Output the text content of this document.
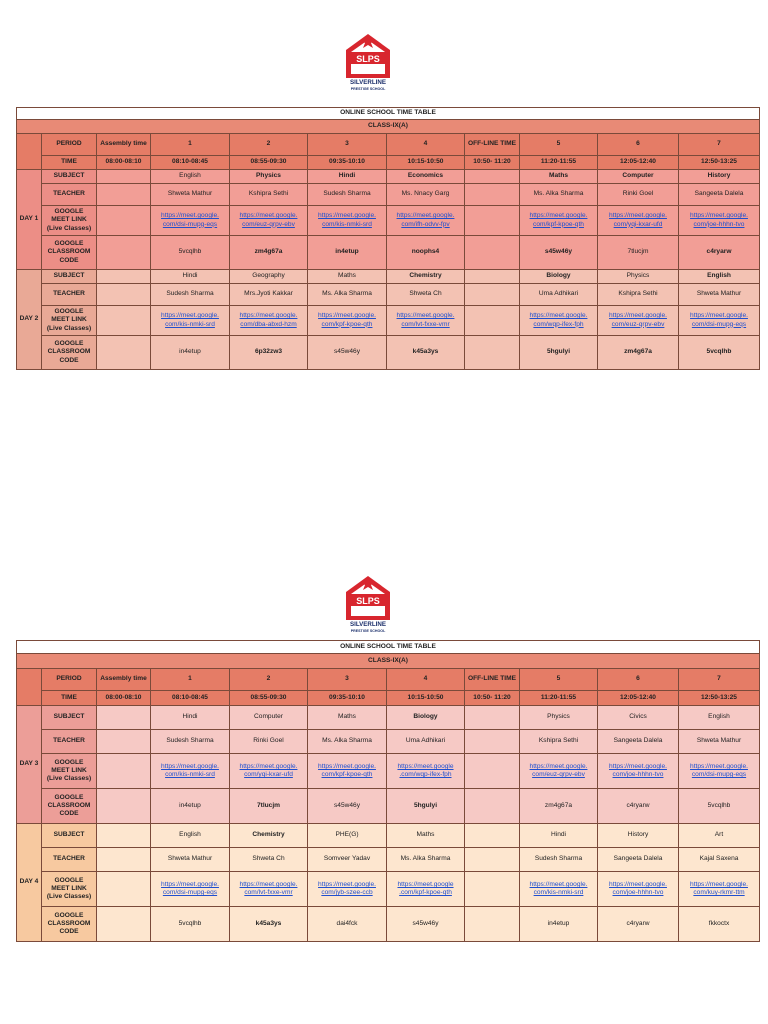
SLPS
SILVERLINE
PRESTIGE SCHOOL
ONLINE SCHOOL TIME TABLE										
CLASS-IX(A)										
	PERIOD	Assembly time	1	2	3	4	OFF-LINE TIME	5	6	7
	TIME	08:00-08:10	08:10-08:45	08:55-09:30	09:35-10:10	10:15-10:50	10:50- 11:20	11:20-11:55	12:05-12:40	12:50-13:25
DAY 1	SUBJECT		English	Physics	Hindi	Economics		Maths	Computer	History
	TEACHER		Shweta Mathur	Kshipra Sethi	Sudesh Sharma	Ms. Nnacy Garg		Ms. Alka Sharma	Rinki Goel	Sangeeta Dalela
	GOOGLE
MEET LINK
(Live Classes)		https://meet.google.
com/dsi-mupg-eqs	https://meet.google.
com/euz-qrpv-ebv	https://meet.google.
com/kis-nmki-srd	https://meet.google.
com/ifh-odvv-fpv		https://meet.google.
com/kpf-kpoe-qth	https://meet.google.
com/yqi-kxar-ufd	https://meet.google.
com/joe-hhhn-tvo
	GOOGLE
CLASSROOM
CODE		5vcqlhb	zm4g67a	in4etup	noophs4		s45w46y	7tlucjm	c4ryarw
DAY 2	SUBJECT		Hindi	Geography	Maths	Chemistry		Biology	Physics	English
	TEACHER		Sudesh Sharma	Mrs.Jyoti Kakkar	Ms. Alka Sharma	Shweta Ch		Uma Adhikari	Kshipra Sethi	Shweta Mathur
	GOOGLE
MEET LINK
(Live Classes)		https://meet.google.
com/kis-nmki-srd	https://meet.google.
com/dba-abxd-hzm	https://meet.google.
com/kpf-kpoe-qth	https://meet.google.
com/lvt-fxxe-vmr		https://meet.google.
com/wqp-ifex-fph	https://meet.google.
com/euz-qrpv-ebv	https://meet.google.
com/dsi-mupg-eqs
	GOOGLE
CLASSROOM
CODE		in4etup	6p32zw3	s45w46y	k45a3ys		5hgulyi	zm4g67a	5vcqlhb
SLPS
SILVERLINE
PRESTIGE SCHOOL
ONLINE SCHOOL TIME TABLE										
CLASS-IX(A)										
	PERIOD	Assembly time	1	2	3	4	OFF-LINE TIME	5	6	7
	TIME	08:00-08:10	08:10-08:45	08:55-09:30	09:35-10:10	10:15-10:50	10:50- 11:20	11:20-11:55	12:05-12:40	12:50-13:25
DAY 3	SUBJECT		Hindi	Computer	Maths	Biology		Physics	Civics	English
	TEACHER		Sudesh Sharma	Rinki Goel	Ms. Alka Sharma	Uma Adhikari		Kshipra Sethi	Sangeeta Dalela	Shweta Mathur
	GOOGLE
MEET LINK
(Live Classes)		https://meet.google.
com/kis-nmki-srd	https://meet.google.
com/yqi-kxar-ufd	https://meet.google.
com/kpf-kpoe-qth	https://meet.google
.com/wqp-ifex-fph		https://meet.google.
com/euz-qrpv-ebv	https://meet.google.
com/joe-hhhn-tvo	https://meet.google.
com/dsi-mupg-eqs
	GOOGLE
CLASSROOM
CODE		in4etup	7tlucjm	s45w46y	5hgulyi		zm4g67a	c4ryarw	5vcqlhb
DAY 4	SUBJECT		English	Chemistry	PHE(G)	Maths		Hindi	History	Art
	TEACHER		Shweta Mathur	Shweta Ch	Somveer Yadav	Ms. Alka Sharma		Sudesh Sharma	Sangeeta Dalela	Kajal Saxena
	GOOGLE
MEET LINK
(Live Classes)		https://meet.google.
com/dsi-mupg-eqs	https://meet.google.
com/lvt-fxxe-vmr	https://meet.google.
com/jyb-szee-ccb	https://meet.google
.com/kpf-kpoe-qth		https://meet.google.
com/kis-nmki-srd	https://meet.google.
com/joe-hhhn-tvo	https://meet.google.
com/kuy-rkmr-ttm
	GOOGLE
CLASSROOM
CODE		5vcqlhb	k45a3ys	dai4fck	s45w46y		in4etup	c4ryarw	fkkoctx
